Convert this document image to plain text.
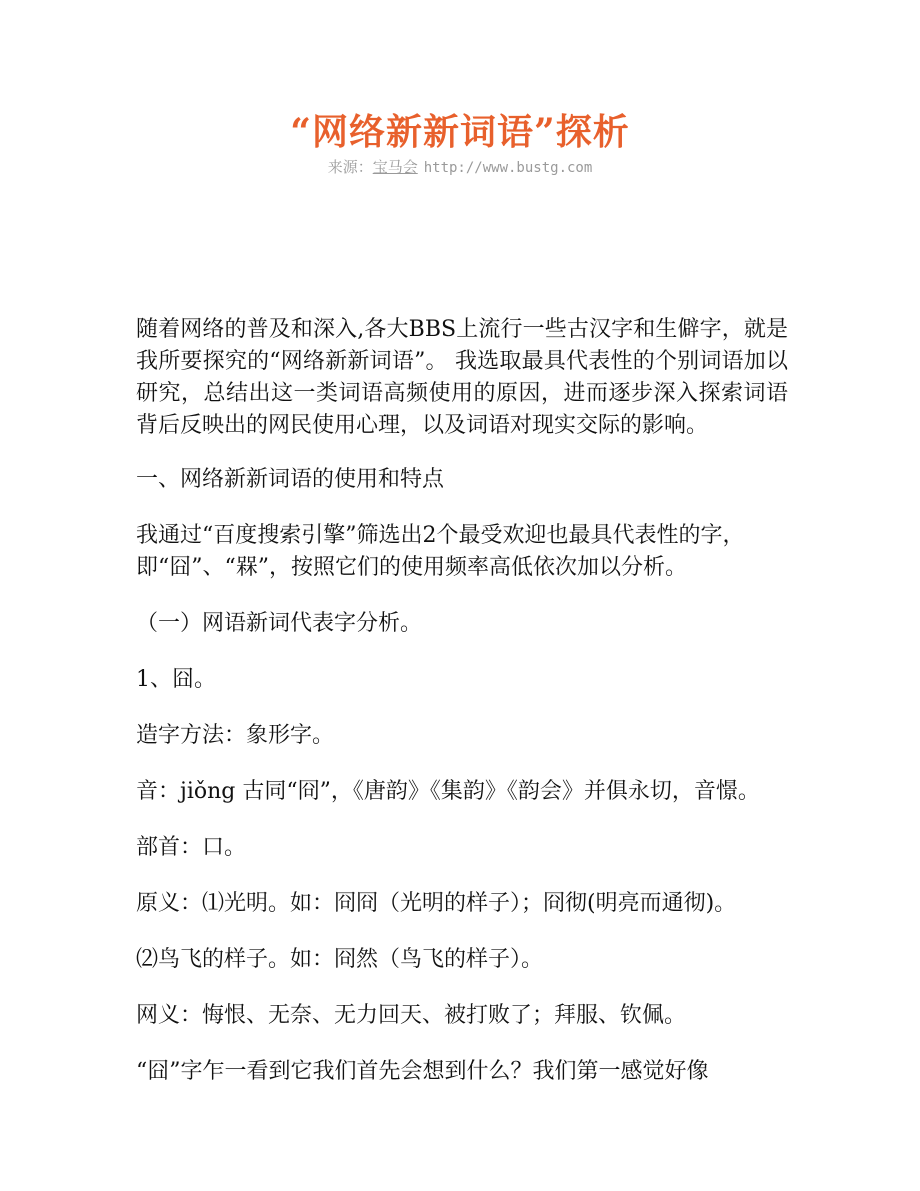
“网络新新词语”探析
来源：宝马会 http://www.bustg.com

随着网络的普及和深入,各大BBS上流行一些古汉字和生僻字，就是我所要探究的“网络新新词语”。 我选取最具代表性的个别词语加以研究，总结出这一类词语高频使用的原因，进而逐步深入探索词语背后反映出的网民使用心理，以及词语对现实交际的影响。

一、网络新新词语的使用和特点

我通过“百度搜索引擎”筛选出2个最受欢迎也最具代表性的字，即“囧”、“槑”，按照它们的使用频率高低依次加以分析。

（一）网语新词代表字分析。

1、囧。

造字方法：象形字。

音：jiǒng 古同“冏”，《唐韵》《集韵》《韵会》并俱永切，音憬。

部首：口。

原义：⑴光明。如：冏冏（光明的样子）；冏彻(明亮而通彻)。

⑵鸟飞的样子。如：冏然（鸟飞的样子）。

网义：悔恨、无奈、无力回天、被打败了；拜服、钦佩。

“囧”字乍一看到它我们首先会想到什么？我们第一感觉好像
